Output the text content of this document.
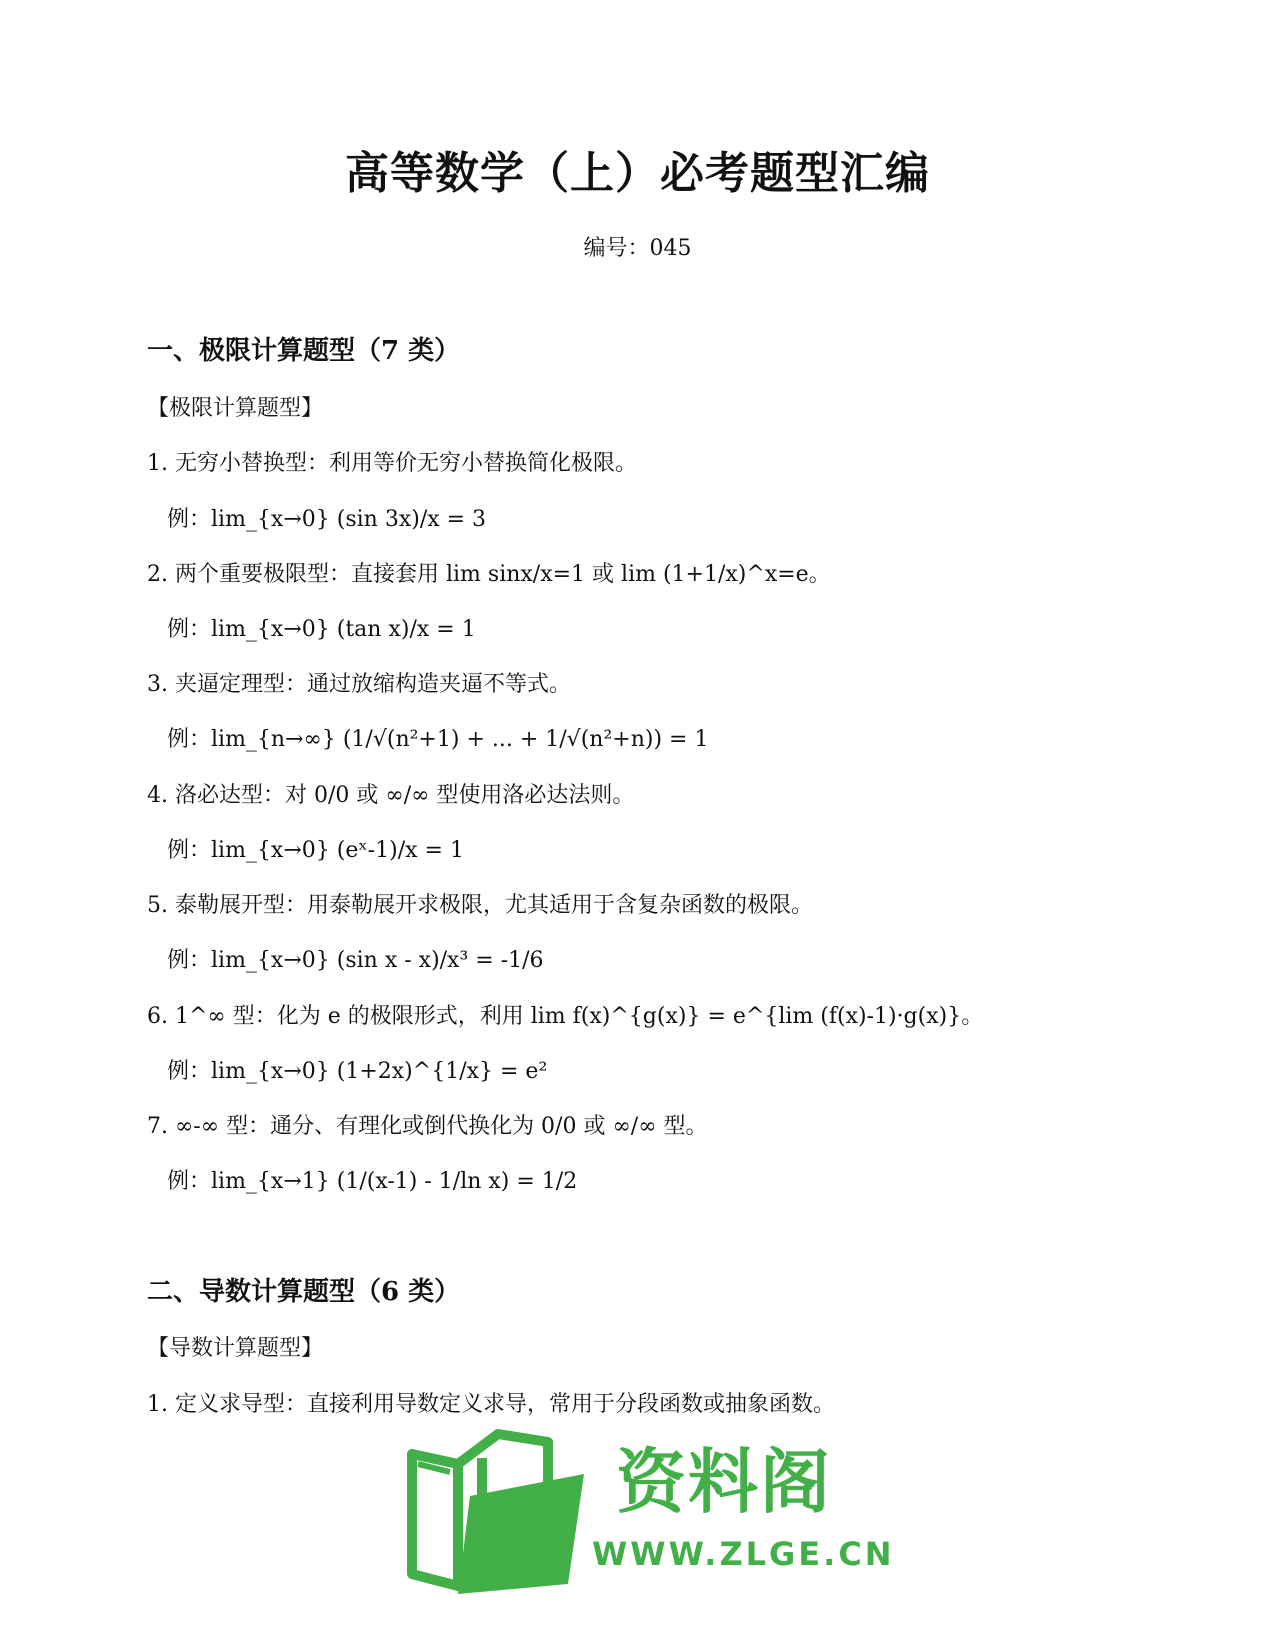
高等数学（上）必考题型汇编
编号：045
一、极限计算题型（7 类）
【极限计算题型】
1. 无穷小替换型：利用等价无穷小替换简化极限。
例：lim_{x→0} (sin 3x)/x = 3
2. 两个重要极限型：直接套用 lim sinx/x=1 或 lim (1+1/x)^x=e。
例：lim_{x→0} (tan x)/x = 1
3. 夹逼定理型：通过放缩构造夹逼不等式。
例：lim_{n→∞} (1/√(n²+1) + ... + 1/√(n²+n)) = 1
4. 洛必达型：对 0/0 或 ∞/∞ 型使用洛必达法则。
例：lim_{x→0} (eˣ-1)/x = 1
5. 泰勒展开型：用泰勒展开求极限，尤其适用于含复杂函数的极限。
例：lim_{x→0} (sin x - x)/x³ = -1/6
6. 1^∞ 型：化为 e 的极限形式，利用 lim f(x)^{g(x)} = e^{lim (f(x)-1)·g(x)}。
例：lim_{x→0} (1+2x)^{1/x} = e²
7. ∞-∞ 型：通分、有理化或倒代换化为 0/0 或 ∞/∞ 型。
例：lim_{x→1} (1/(x-1) - 1/ln x) = 1/2
二、导数计算题型（6 类）
【导数计算题型】
1. 定义求导型：直接利用导数定义求导，常用于分段函数或抽象函数。
资料阁
WWW.ZLGE.CN
